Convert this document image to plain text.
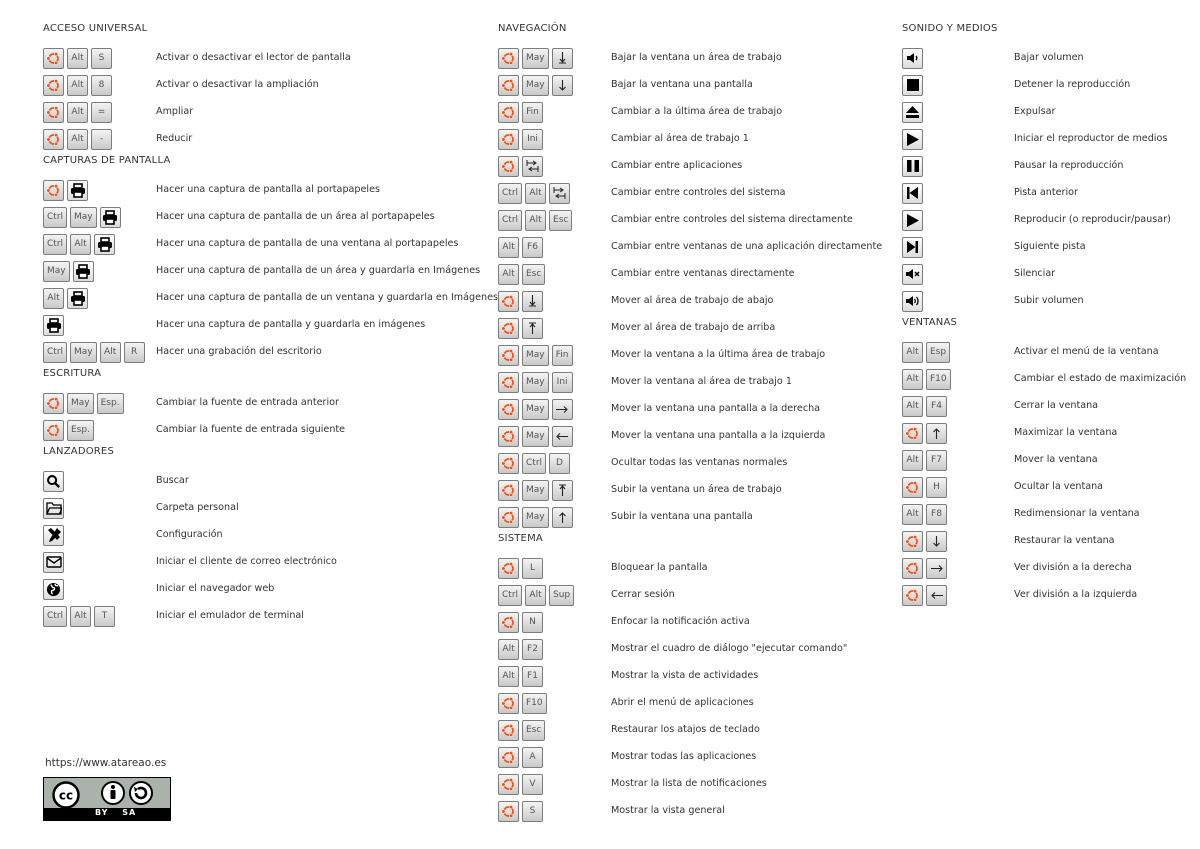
ACCESO UNIVERSAL
Alt	S	Activar o desactivar el lector de pantalla
Alt	8	Activar o desactivar la ampliación
Alt	=	Ampliar
Alt	-	Reducir
CAPTURAS DE PANTALLA
Hacer una captura de pantalla al portapapeles
Ctrl	May	Hacer una captura de pantalla de un área al portapapeles
Ctrl	Alt	Hacer una captura de pantalla de una ventana al portapapeles
May	Hacer una captura de pantalla de un área y guardarla en Imágenes
Alt	Hacer una captura de pantalla de un ventana y guardarla en Imágenes
Hacer una captura de pantalla y guardarla en imágenes
Ctrl	May	Alt	R	Hacer una grabación del escritorio
ESCRITURA
May	Esp.	Cambiar la fuente de entrada anterior
Esp.	Cambiar la fuente de entrada siguiente
LANZADORES
Buscar
Carpeta personal
Configuración
Iniciar el cliente de correo electrónico
Iniciar el navegador web
Ctrl	Alt	T	Iniciar el emulador de terminal
NAVEGACIÓN
May	Bajar la ventana un área de trabajo
May	Bajar la ventana una pantalla
Fin	Cambiar a la última área de trabajo
Ini	Cambiar al área de trabajo 1
Cambiar entre aplicaciones
Ctrl	Alt	Cambiar entre controles del sistema
Ctrl	Alt	Esc	Cambiar entre controles del sistema directamente
Alt	F6	Cambiar entre ventanas de una aplicación directamente
Alt	Esc	Cambiar entre ventanas directamente
Mover al área de trabajo de abajo
Mover al área de trabajo de arriba
May	Fin	Mover la ventana a la última área de trabajo
May	Ini	Mover la ventana al área de trabajo 1
May	Mover la ventana una pantalla a la derecha
May	Mover la ventana una pantalla a la izquierda
Ctrl	D	Ocultar todas las ventanas normales
May	Subir la ventana un área de trabajo
May	Subir la ventana una pantalla
SISTEMA
L	Bloquear la pantalla
Ctrl	Alt	Sup	Cerrar sesión
N	Enfocar la notificación activa
Alt	F2	Mostrar el cuadro de diálogo "ejecutar comando"
Alt	F1	Mostrar la vista de actividades
F10	Abrir el menú de aplicaciones
Esc	Restaurar los atajos de teclado
A	Mostrar todas las aplicaciones
V	Mostrar la lista de notificaciones
S	Mostrar la vista general
SONIDO Y MEDIOS
Bajar volumen
Detener la reproducción
Expulsar
Iniciar el reproductor de medios
Pausar la reproducción
Pista anterior
Reproducir (o reproducir/pausar)
Siguiente pista
Silenciar
Subir volumen
VENTANAS
Alt	Esp	Activar el menú de la ventana
Alt	F10	Cambiar el estado de maximización
Alt	F4	Cerrar la ventana
Maximizar la ventana
Alt	F7	Mover la ventana
H	Ocultar la ventana
Alt	F8	Redimensionar la ventana
Restaurar la ventana
Ver división a la derecha
Ver división a la izquierda
https://www.atareao.es
cc
BY SA
